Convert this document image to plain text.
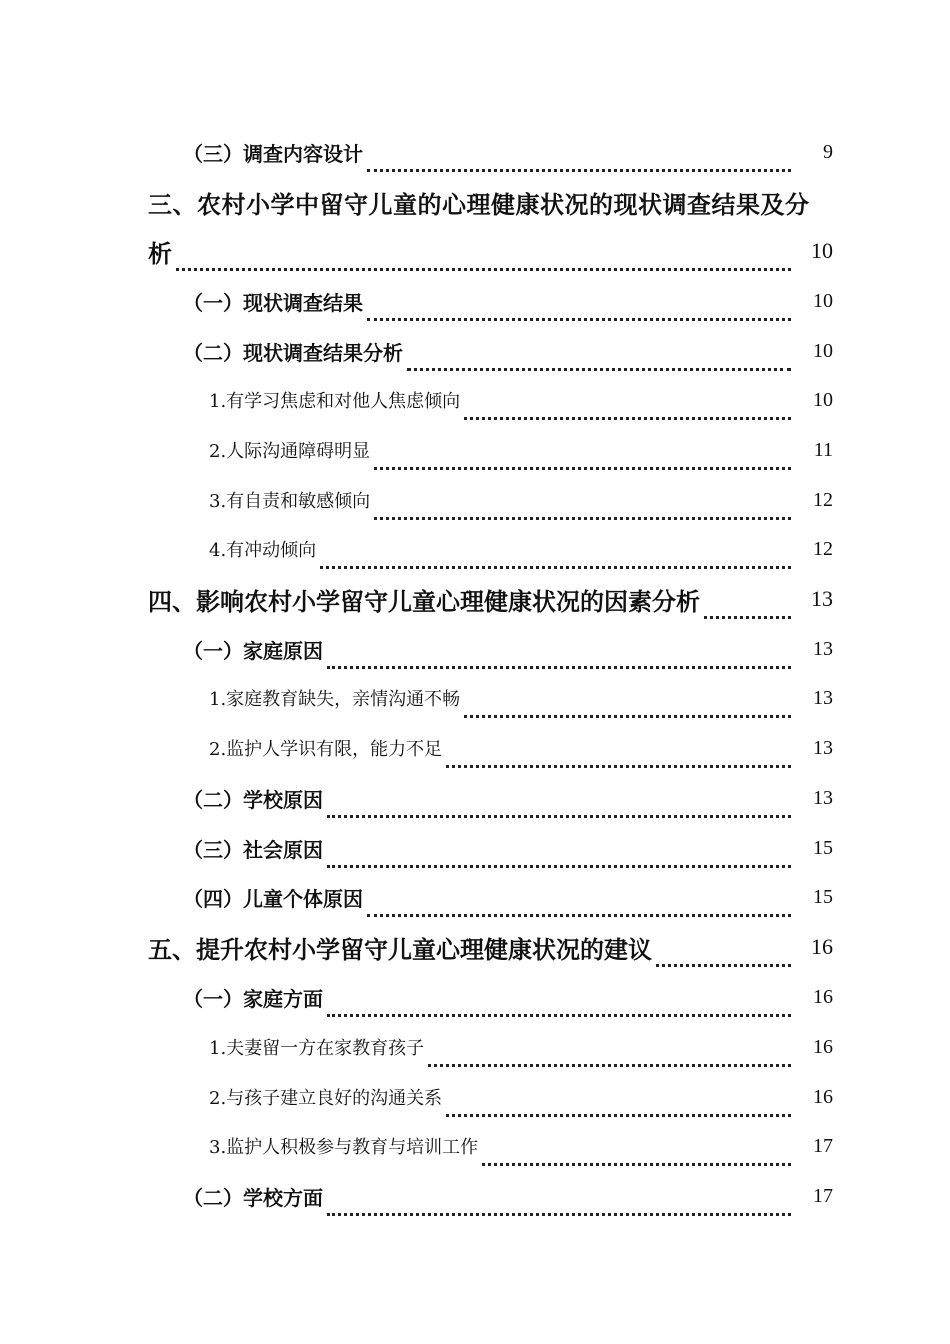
（三）调查内容设计	9
三、农村小学中留守儿童的心理健康状况的现状调查结果及分
析	10
（一）现状调查结果	10
（二）现状调查结果分析	10
1.有学习焦虑和对他人焦虑倾向	10
2.人际沟通障碍明显	11
3.有自责和敏感倾向	12
4.有冲动倾向	12
四、影响农村小学留守儿童心理健康状况的因素分析	13
（一）家庭原因	13
1.家庭教育缺失，亲情沟通不畅	13
2.监护人学识有限，能力不足	13
（二）学校原因	13
（三）社会原因	15
（四）儿童个体原因	15
五、提升农村小学留守儿童心理健康状况的建议	16
（一）家庭方面	16
1.夫妻留一方在家教育孩子	16
2.与孩子建立良好的沟通关系	16
3.监护人积极参与教育与培训工作	17
（二）学校方面	17
